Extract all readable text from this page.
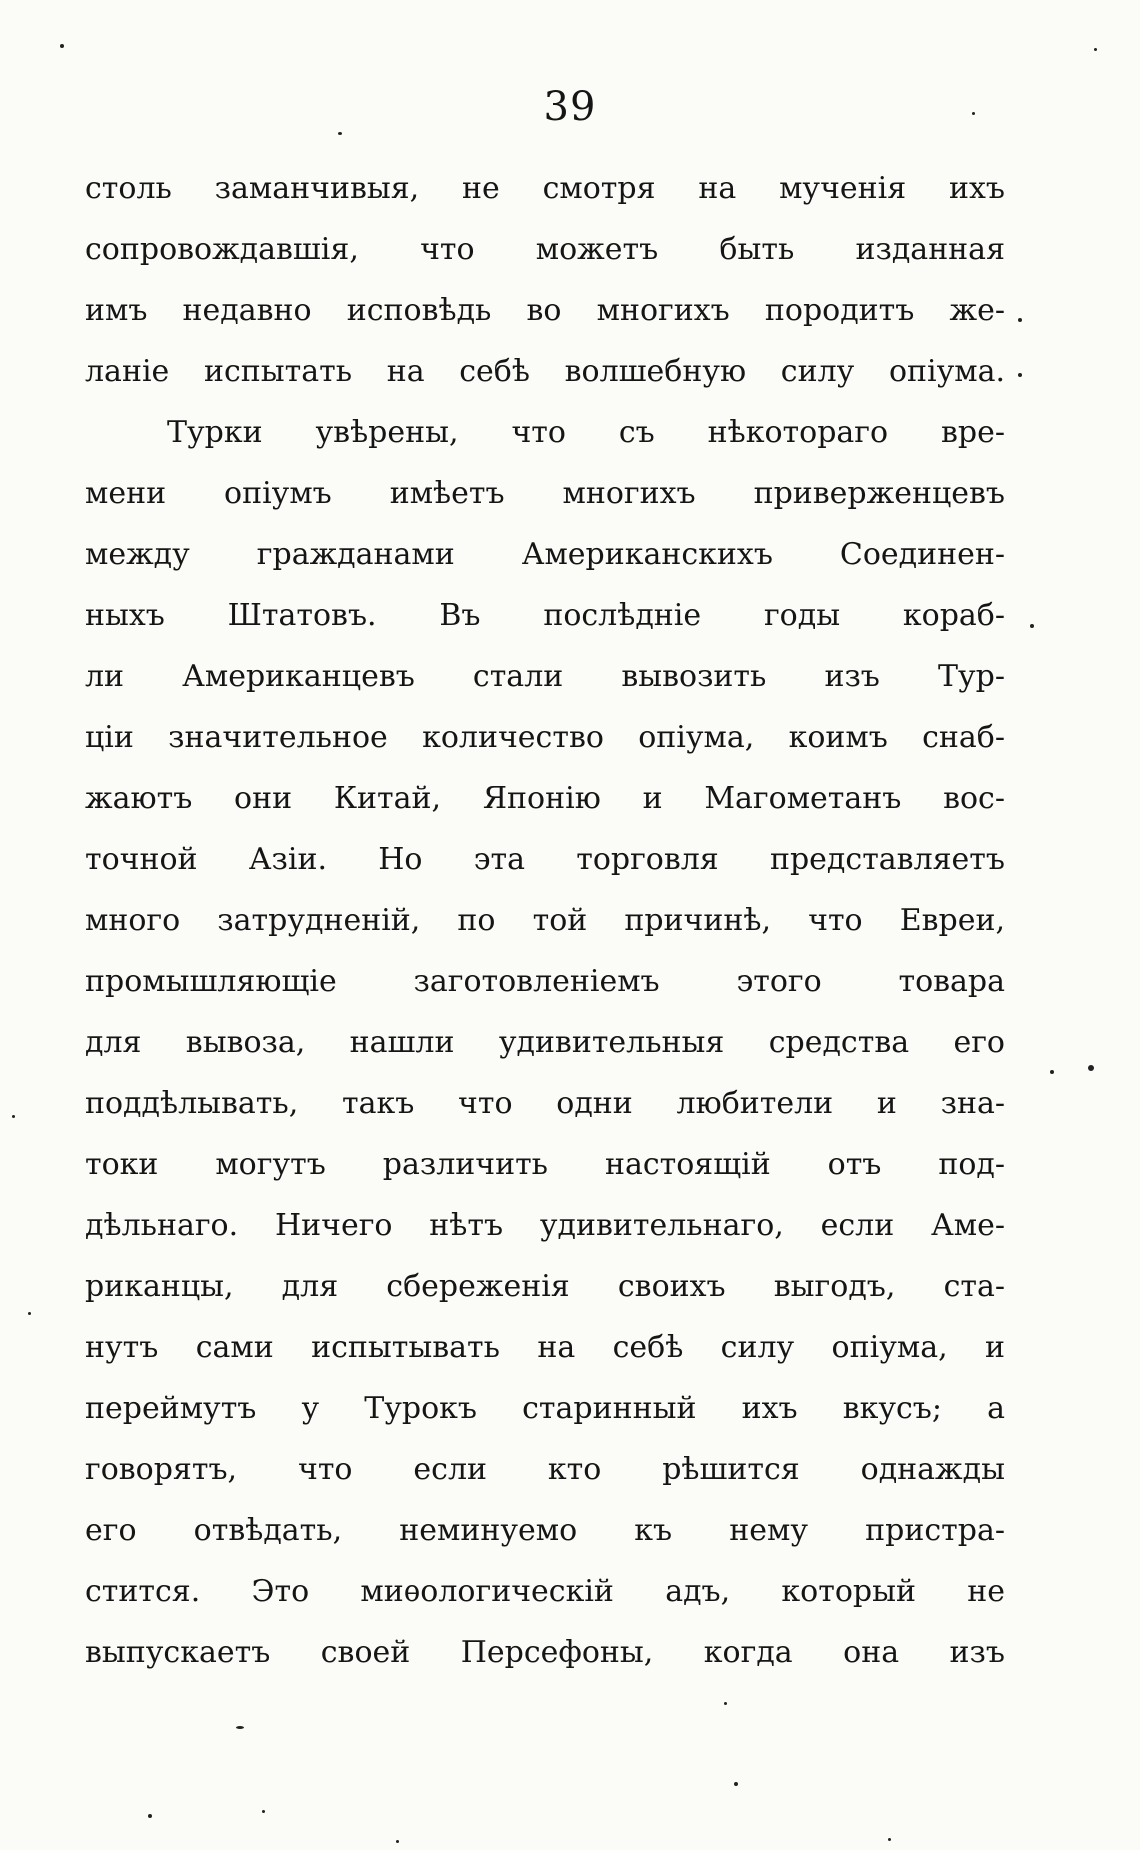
39
столь заманчивыя, не смотря на мученія ихъ
сопровождавшія, что можетъ быть изданная
имъ недавно исповѣдь во многихъ породитъ же-
ланіе испытать на себѣ волшебную силу опіума.
Турки увѣрены, что съ нѣкотораго вре-
мени опіумъ имѣетъ многихъ приверженцевъ
между гражданами Американскихъ Соединен-
ныхъ Штатовъ. Въ послѣдніе годы кораб-
ли Американцевъ стали вывозить изъ Тур-
ціи значительное количество опіума, коимъ снаб-
жаютъ они Китай, Японію и Магометанъ вос-
точной Азіи. Но эта торговля представляетъ
много затрудненій, по той причинѣ, что Евреи,
промышляющіе заготовленіемъ этого товара
для вывоза, нашли удивительныя средства его
поддѣлывать, такъ что одни любители и зна-
токи могутъ различить настоящій отъ под-
дѣльнаго. Ничего нѣтъ удивительнаго, если Аме-
риканцы, для сбереженія своихъ выгодъ, ста-
нутъ сами испытывать на себѣ силу опіума, и
переймутъ у Турокъ старинный ихъ вкусъ; а
говорятъ, что если кто рѣшится однажды
его отвѣдать, неминуемо къ нему пристра-
стится. Это миѳологическій адъ, который не
выпускаетъ своей Персефоны, когда она изъ
